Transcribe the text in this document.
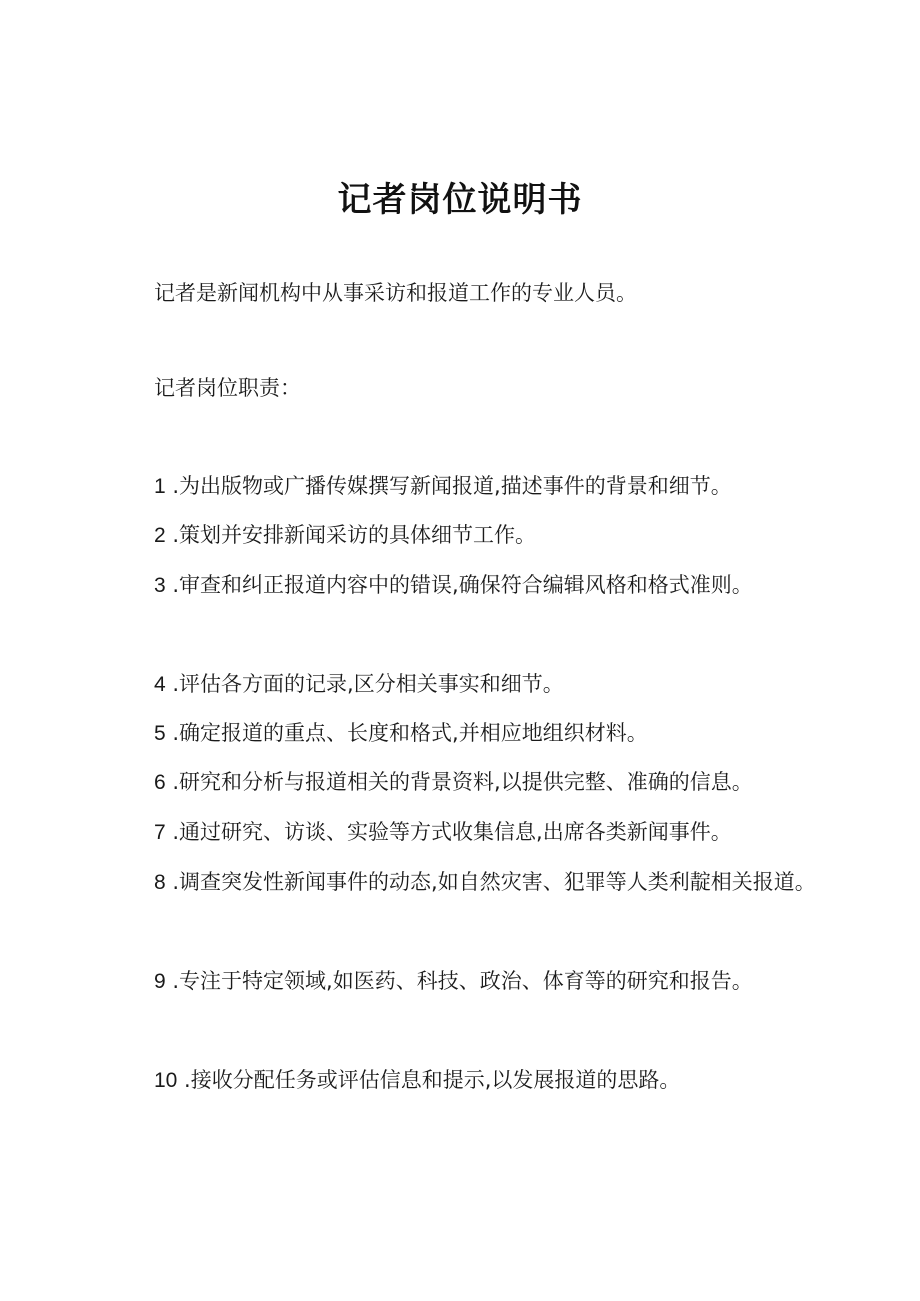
记者岗位说明书

记者是新闻机构中从事采访和报道工作的专业人员。

记者岗位职责：

1 .为出版物或广播传媒撰写新闻报道,描述事件的背景和细节。

2 .策划并安排新闻采访的具体细节工作。

3 .审查和纠正报道内容中的错误,确保符合编辑风格和格式准则。

4 .评估各方面的记录,区分相关事实和细节。

5 .确定报道的重点、长度和格式,并相应地组织材料。

6 .研究和分析与报道相关的背景资料,以提供完整、准确的信息。

7 .通过研究、访谈、实验等方式收集信息,出席各类新闻事件。

8 .调查突发性新闻事件的动态,如自然灾害、犯罪等人类利靛相关报道。

9 .专注于特定领域,如医药、科技、政治、体育等的研究和报告。

10 .接收分配任务或评估信息和提示,以发展报道的思路。
